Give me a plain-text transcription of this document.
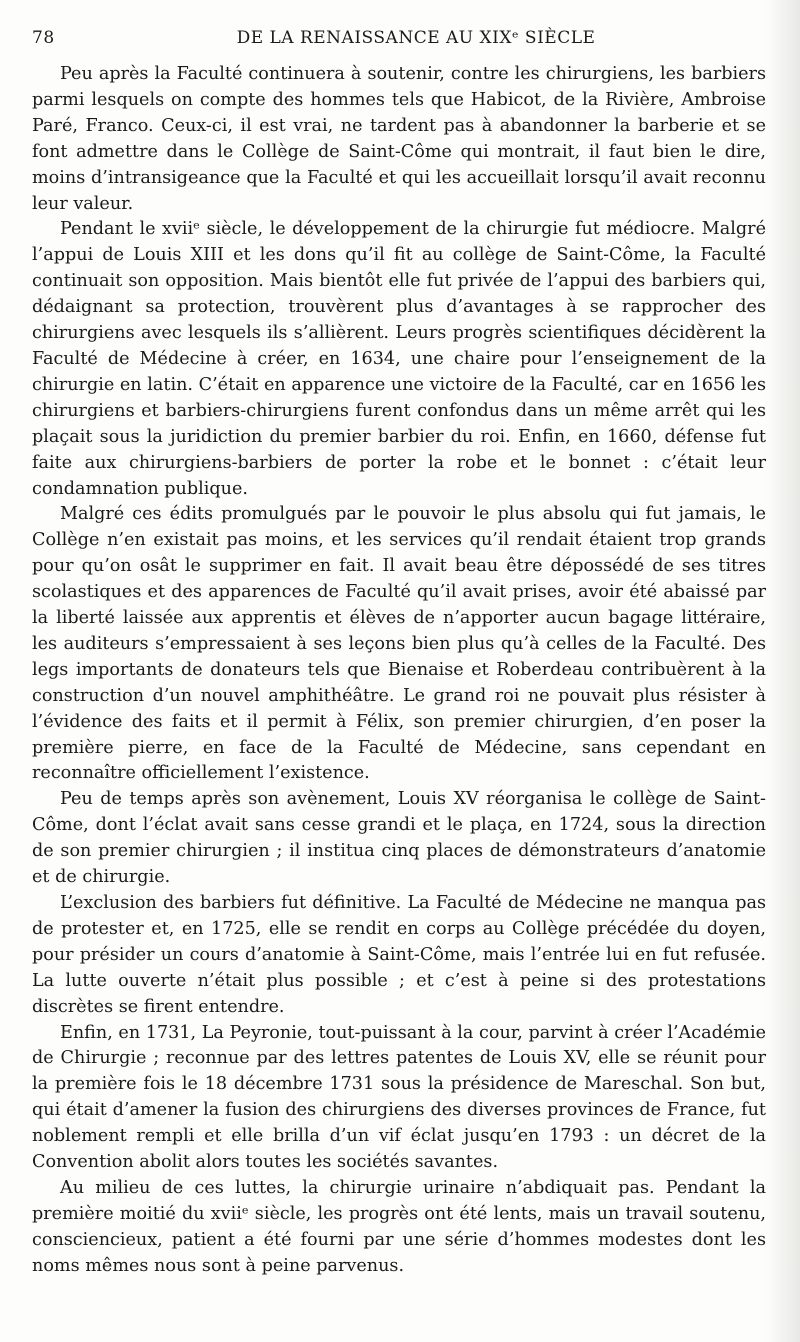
78	DE LA RENAISSANCE AU XIXᵉ SIÈCLE

Peu après la Faculté continuera à soutenir, contre les chirurgiens, les barbiers parmi lesquels on compte des hommes tels que Habicot, de la Rivière, Ambroise Paré, Franco. Ceux-ci, il est vrai, ne tardent pas à abandonner la barberie et se font admettre dans le Collège de Saint-Côme qui montrait, il faut bien le dire, moins d’intransigeance que la Faculté et qui les accueillait lorsqu’il avait reconnu leur valeur.

Pendant le xviiᵉ siècle, le développement de la chirurgie fut médiocre. Malgré l’appui de Louis XIII et les dons qu’il fit au collège de Saint-Côme, la Faculté continuait son opposition. Mais bientôt elle fut privée de l’appui des barbiers qui, dédaignant sa protection, trouvèrent plus d’avantages à se rapprocher des chirurgiens avec lesquels ils s’allièrent. Leurs progrès scientifiques décidèrent la Faculté de Médecine à créer, en 1634, une chaire pour l’enseignement de la chirurgie en latin. C’était en apparence une victoire de la Faculté, car en 1656 les chirurgiens et barbiers-chirurgiens furent confondus dans un même arrêt qui les plaçait sous la juridiction du premier barbier du roi. Enfin, en 1660, défense fut faite aux chirurgiens-barbiers de porter la robe et le bonnet : c’était leur condamnation publique.

Malgré ces édits promulgués par le pouvoir le plus absolu qui fut jamais, le Collège n’en existait pas moins, et les services qu’il rendait étaient trop grands pour qu’on osât le supprimer en fait. Il avait beau être dépossédé de ses titres scolastiques et des apparences de Faculté qu’il avait prises, avoir été abaissé par la liberté laissée aux apprentis et élèves de n’apporter aucun bagage littéraire, les auditeurs s’empressaient à ses leçons bien plus qu’à celles de la Faculté. Des legs importants de donateurs tels que Bienaise et Roberdeau contribuèrent à la construction d’un nouvel amphithéâtre. Le grand roi ne pouvait plus résister à l’évidence des faits et il permit à Félix, son premier chirurgien, d’en poser la première pierre, en face de la Faculté de Médecine, sans cependant en reconnaître officiellement l’existence.

Peu de temps après son avènement, Louis XV réorganisa le collège de Saint-Côme, dont l’éclat avait sans cesse grandi et le plaça, en 1724, sous la direction de son premier chirurgien ; il institua cinq places de démonstrateurs d’anatomie et de chirurgie.

L’exclusion des barbiers fut définitive. La Faculté de Médecine ne manqua pas de protester et, en 1725, elle se rendit en corps au Collège précédée du doyen, pour présider un cours d’anatomie à Saint-Côme, mais l’entrée lui en fut refusée. La lutte ouverte n’était plus possible ; et c’est à peine si des protestations discrètes se firent entendre.

Enfin, en 1731, La Peyronie, tout-puissant à la cour, parvint à créer l’Académie de Chirurgie ; reconnue par des lettres patentes de Louis XV, elle se réunit pour la première fois le 18 décembre 1731 sous la présidence de Mareschal. Son but, qui était d’amener la fusion des chirurgiens des diverses provinces de France, fut noblement rempli et elle brilla d’un vif éclat jusqu’en 1793 : un décret de la Convention abolit alors toutes les sociétés savantes.

Au milieu de ces luttes, la chirurgie urinaire n’abdiquait pas. Pendant la première moitié du xviiᵉ siècle, les progrès ont été lents, mais un travail soutenu, consciencieux, patient a été fourni par une série d’hommes modestes dont les noms mêmes nous sont à peine parvenus.
